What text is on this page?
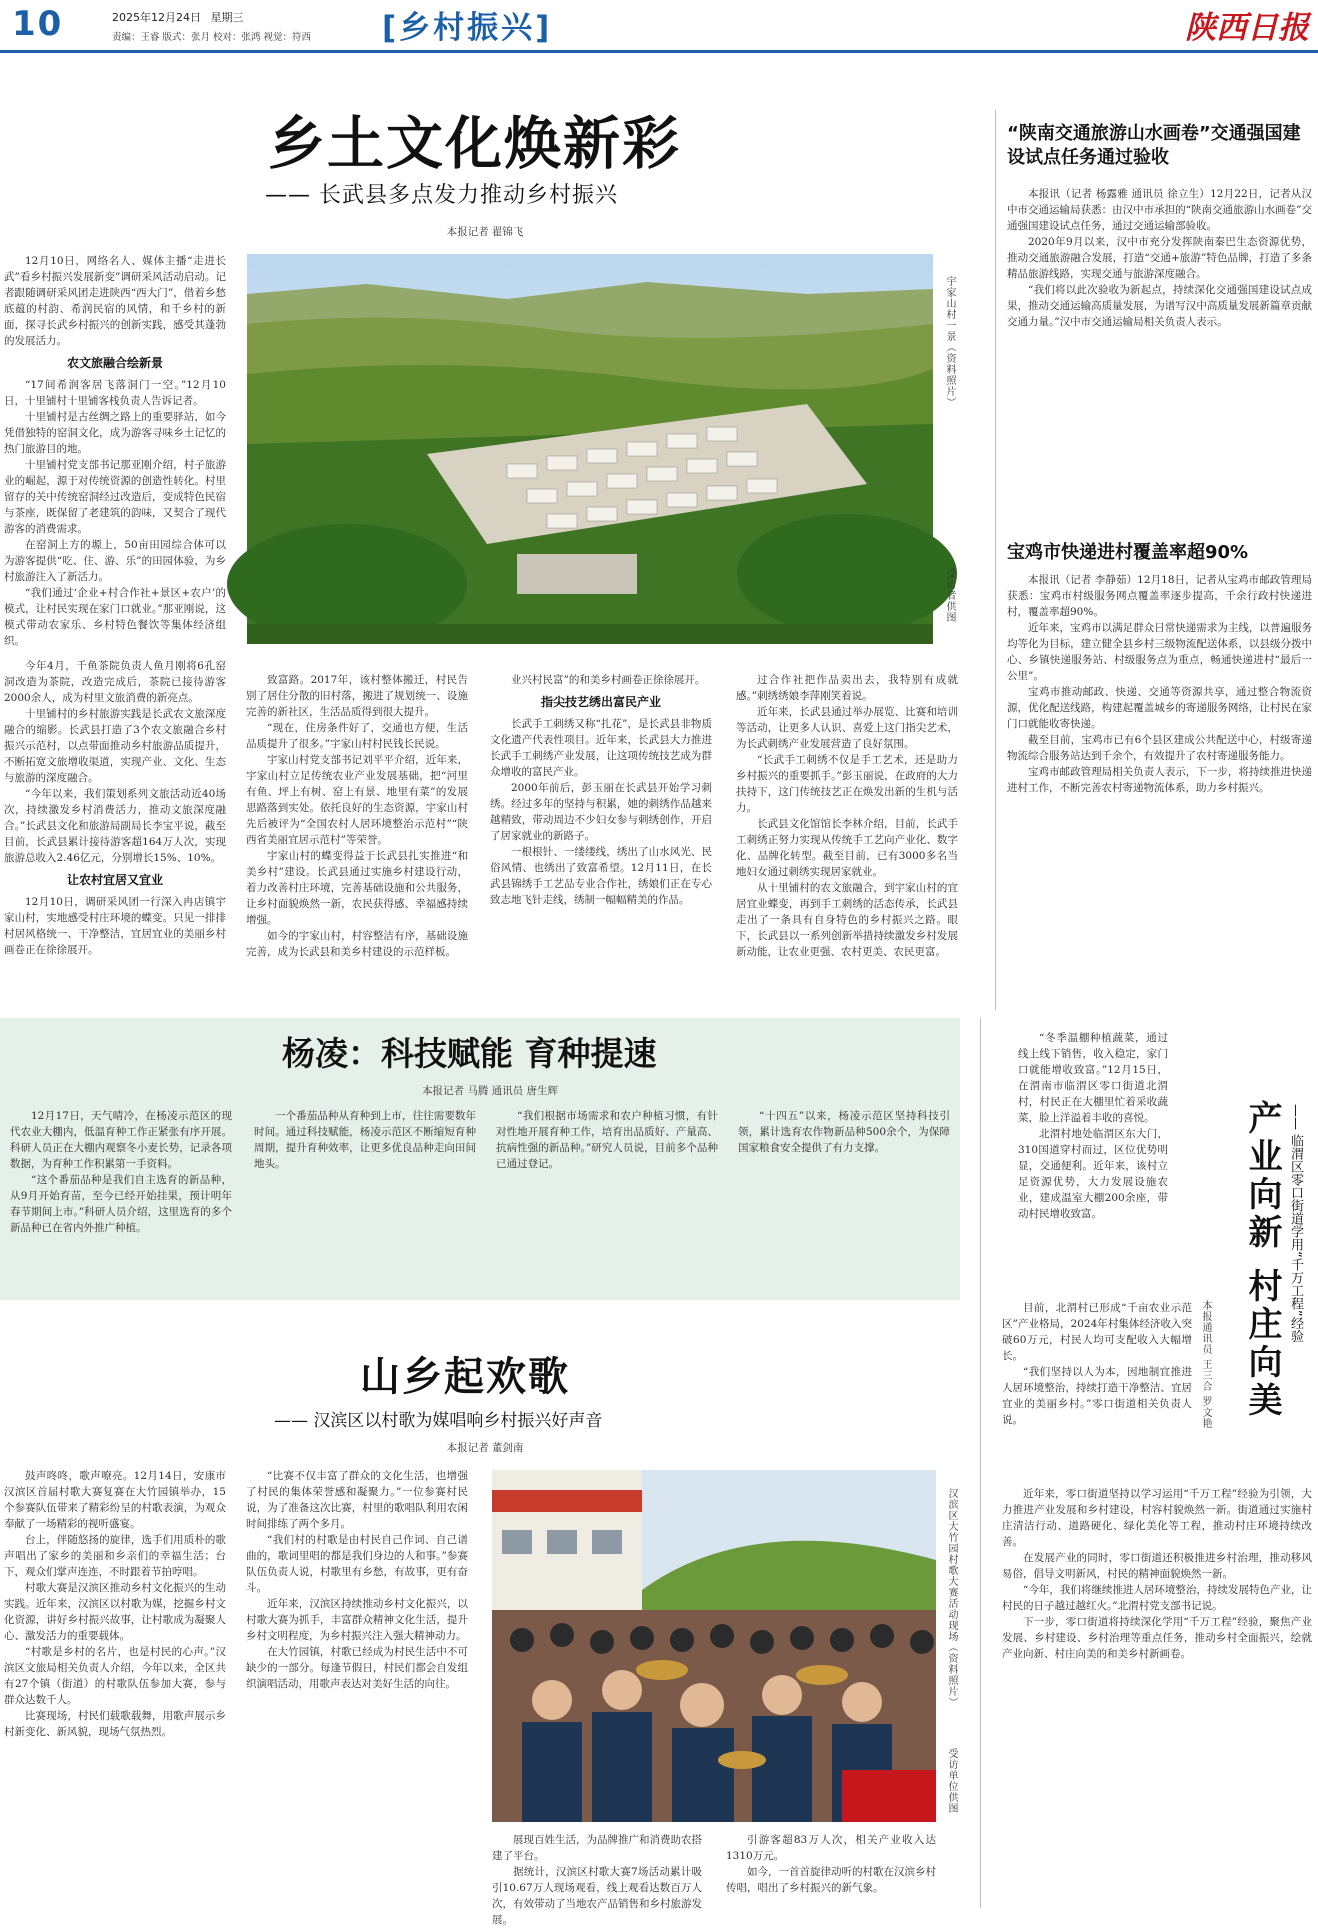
10	2025年12月24日 星期三
责编：王睿 版式：张月 校对：张鸿 视觉：符西 [乡村振兴]	陕西日报
乡土文化焕新彩
—— 长武县多点发力推动乡村振兴
本报记者 翟锦飞

12月10日，网络名人、媒体主播“走进长武”看乡村振兴发展新变”调研采风活动启动。记者跟随调研采风团走进陕西“西大门”，借着乡愁底蕴的村韵、希润民宿的风情，和千乡村的新面，探寻长武乡村振兴的创新实践，感受其蓬勃的发展活力。

农文旅融合绘新景

“17间希润客居飞落洞门一空。”12月10日，十里铺村十里铺客栈负责人告诉记者。

十里铺村是古丝绸之路上的重要驿站，如今凭借独特的窑洞文化，成为游客寻味乡土记忆的热门旅游目的地。

十里铺村党支部书记那亚刚介绍，村子旅游业的崛起，源于对传统资源的创造性转化。村里留存的关中传统窑洞经过改造后，变成特色民宿与茶座，既保留了老建筑的韵味，又契合了现代游客的消费需求。

在窑洞上方的塬上，50亩田园综合体可以为游客提供“吃、住、游、乐”的田园体验，为乡村旅游注入了新活力。

“我们通过‘企业+村合作社+景区+农户’的模式，让村民实现在家门口就业。”那亚刚说，这模式带动农家乐、乡村特色餐饮等集体经济组织。

宇家山村一景（资料照片）
受访者供图

今年4月，千鱼茶院负责人鱼月刚将6孔窑洞改造为茶院，改造完成后，茶院已接待游客2000余人，成为村里文旅消费的新亮点。

十里铺村的乡村旅游实践是长武农文旅深度融合的缩影。长武县打造了3个农文旅融合乡村振兴示范村，以点带面推动乡村旅游品质提升，不断拓宽文旅增收渠道，实现产业、文化、生态与旅游的深度融合。

“今年以来，我们策划系列文旅活动近40场次，持续激发乡村消费活力，推动文旅深度融合。”长武县文化和旅游局副局长李宝平说，截至目前，长武县累计接待游客超164万人次，实现旅游总收入2.46亿元，分别增长15%、10%。

让农村宜居又宜业

12月10日，调研采风团一行深入冉店镇宇家山村，实地感受村庄环境的蝶变。只见一排排村居风格统一、干净整洁，宜居宜业的美丽乡村画卷正在徐徐展开。

致富路。2017年，该村整体搬迁，村民告别了居住分散的旧村落，搬进了规划统一、设施完善的新社区，生活品质得到很大提升。

“现在，住房条件好了，交通也方便，生活品质提升了很多。”宇家山村村民钱长民说。

宇家山村党支部书记刘平平介绍，近年来，宇家山村立足传统农业产业发展基础，把“河里有鱼、坪上有树、窑上有景、地里有菜”的发展思路落到实处。依托良好的生态资源，宇家山村先后被评为“全国农村人居环境整治示范村”“陕西省美丽宜居示范村”等荣誉。

宇家山村的蝶变得益于长武县扎实推进“和美乡村”建设。长武县通过实施乡村建设行动，着力改善村庄环境，完善基础设施和公共服务，让乡村面貌焕然一新，农民获得感、幸福感持续增强。

如今的宇家山村，村容整洁有序，基础设施完善，成为长武县和美乡村建设的示范样板。

业兴村民富”的和美乡村画卷正徐徐展开。

指尖技艺绣出富民产业

长武手工刺绣又称“扎花”，是长武县非物质文化遗产代表性项目。近年来，长武县大力推进长武手工刺绣产业发展，让这项传统技艺成为群众增收的富民产业。

2000年前后，彭玉丽在长武县开始学习刺绣。经过多年的坚持与积累，她的刺绣作品越来越精致，带动周边不少妇女参与刺绣创作，开启了居家就业的新路子。

一根根针、一缕缕线，绣出了山水风光、民俗风情、也绣出了致富希望。12月11日，在长武县锦绣手工艺品专业合作社，绣娘们正在专心致志地飞针走线，绣制一幅幅精美的作品。

过合作社把作品卖出去，我特别有成就感。”刺绣绣娘李萍刚笑着说。

近年来，长武县通过举办展览、比赛和培训等活动，让更多人认识、喜爱上这门指尖艺术，为长武刺绣产业发展营造了良好氛围。

“长武手工刺绣不仅是手工艺术，还是助力乡村振兴的重要抓手。”彭玉丽说，在政府的大力扶持下，这门传统技艺正在焕发出新的生机与活力。

长武县文化馆馆长李林介绍，目前，长武手工刺绣正努力实现从传统手工艺向产业化、数字化、品牌化转型。截至目前，已有3000多名当地妇女通过刺绣实现居家就业。

从十里铺村的农文旅融合，到宇家山村的宜居宜业蝶变，再到手工刺绣的活态传承，长武县走出了一条具有自身特色的乡村振兴之路。眼下，长武县以一系列创新举措持续激发乡村发展新动能，让农业更强、农村更美、农民更富。

“陕南交通旅游山水画卷”交通强国建设试点任务通过验收

本报讯（记者 杨露雅 通讯员 徐立生）12月22日，记者从汉中市交通运输局获悉：由汉中市承担的“陕南交通旅游山水画卷”交通强国建设试点任务，通过交通运输部验收。

2020年9月以来，汉中市充分发挥陕南秦巴生态资源优势，推动交通旅游融合发展，打造“交通+旅游”特色品牌，打造了多条精品旅游线路，实现交通与旅游深度融合。

“我们将以此次验收为新起点，持续深化交通强国建设试点成果，推动交通运输高质量发展，为谱写汉中高质量发展新篇章贡献交通力量。”汉中市交通运输局相关负责人表示。

宝鸡市快递进村覆盖率超90%

本报讯（记者 李静茹）12月18日，记者从宝鸡市邮政管理局获悉：宝鸡市村级服务网点覆盖率逐步提高，千余行政村快递进村，覆盖率超90%。

近年来，宝鸡市以满足群众日常快递需求为主线，以普遍服务均等化为目标，建立健全县乡村三级物流配送体系，以县级分拨中心、乡镇快递服务站、村级服务点为重点，畅通快递进村“最后一公里”。

宝鸡市推动邮政、快递、交通等资源共享，通过整合物流资源，优化配送线路，构建起覆盖城乡的寄递服务网络，让村民在家门口就能收寄快递。

截至目前，宝鸡市已有6个县区建成公共配送中心，村级寄递物流综合服务站达到千余个，有效提升了农村寄递服务能力。

宝鸡市邮政管理局相关负责人表示，下一步，将持续推进快递进村工作，不断完善农村寄递物流体系，助力乡村振兴。

杨凌：科技赋能 育种提速
本报记者 马腾 通讯员 唐生辉

12月17日，天气晴冷，在杨凌示范区的现代农业大棚内，低温育种工作正紧张有序开展。科研人员正在大棚内观察冬小麦长势，记录各项数据，为育种工作积累第一手资料。

“这个番茄品种是我们自主选育的新品种，从9月开始育苗，至今已经开始挂果，预计明年春节期间上市。”科研人员介绍，这里选育的多个新品种已在省内外推广种植。

一个番茄品种从育种到上市，往往需要数年时间。通过科技赋能，杨凌示范区不断缩短育种周期，提升育种效率，让更多优良品种走向田间地头。

“我们根据市场需求和农户种植习惯，有针对性地开展育种工作，培育出品质好、产量高、抗病性强的新品种。”研究人员说，目前多个品种已通过登记。

“十四五”以来，杨凌示范区坚持科技引领，累计选育农作物新品种500余个，为保障国家粮食安全提供了有力支撑。

山乡起欢歌
—— 汉滨区以村歌为媒唱响乡村振兴好声音
本报记者 董剑南

鼓声咚咚，歌声嘹亮。12月14日，安康市汉滨区首届村歌大赛复赛在大竹园镇举办，15个参赛队伍带来了精彩纷呈的村歌表演，为观众奉献了一场精彩的视听盛宴。

台上，伴随悠扬的旋律，选手们用质朴的歌声唱出了家乡的美丽和乡亲们的幸福生活；台下，观众们掌声连连，不时跟着节拍哼唱。

村歌大赛是汉滨区推动乡村文化振兴的生动实践。近年来，汉滨区以村歌为媒，挖掘乡村文化资源，讲好乡村振兴故事，让村歌成为凝聚人心、激发活力的重要载体。

“村歌是乡村的名片，也是村民的心声。”汉滨区文旅局相关负责人介绍，今年以来，全区共有27个镇（街道）的村歌队伍参加大赛，参与群众达数千人。

比赛现场，村民们载歌载舞，用歌声展示乡村新变化、新风貌，现场气氛热烈。

“比赛不仅丰富了群众的文化生活，也增强了村民的集体荣誉感和凝聚力。”一位参赛村民说，为了准备这次比赛，村里的歌唱队利用农闲时间排练了两个多月。

“我们村的村歌是由村民自己作词、自己谱曲的，歌词里唱的都是我们身边的人和事。”参赛队伍负责人说，村歌里有乡愁，有故事，更有奋斗。

近年来，汉滨区持续推动乡村文化振兴，以村歌大赛为抓手，丰富群众精神文化生活，提升乡村文明程度，为乡村振兴注入强大精神动力。

在大竹园镇，村歌已经成为村民生活中不可缺少的一部分。每逢节假日，村民们都会自发组织演唱活动，用歌声表达对美好生活的向往。	汉滨区大竹园村歌大赛活动现场（资料照片）
受访单位供图

展现百姓生活，为品牌推广和消费助农搭建了平台。

据统计，汉滨区村歌大赛7场活动累计吸引10.67万人现场观看，线上观看达数百万人次，有效带动了当地农产品销售和乡村旅游发展。

引游客超83万人次，相关产业收入达1310万元。

如今，一首首旋律动听的村歌在汉滨乡村传唱，唱出了乡村振兴的新气象。

“冬季温棚种植蔬菜，通过线上线下销售，收入稳定，家门口就能增收致富。”12月15日，在渭南市临渭区零口街道北渭村，村民正在大棚里忙着采收蔬菜，脸上洋溢着丰收的喜悦。

北渭村地处临渭区东大门，310国道穿村而过，区位优势明显，交通便利。近年来，该村立足资源优势，大力发展设施农业，建成温室大棚200余座，带动村民增收致富。	产业向新 村庄向美 —— 临渭区零口街道学用“千万工程”经验
本报通讯员 王三合 罗文艳

目前，北渭村已形成“千亩农业示范区”产业格局，2024年村集体经济收入突破60万元，村民人均可支配收入大幅增长。

“我们坚持以人为本，因地制宜推进人居环境整治，持续打造干净整洁、宜居宜业的美丽乡村。”零口街道相关负责人说。

近年来，零口街道坚持以学习运用“千万工程”经验为引领，大力推进产业发展和乡村建设，村容村貌焕然一新。街道通过实施村庄清洁行动、道路硬化、绿化美化等工程，推动村庄环境持续改善。

在发展产业的同时，零口街道还积极推进乡村治理，推动移风易俗，倡导文明新风，村民的精神面貌焕然一新。

“今年，我们将继续推进人居环境整治，持续发展特色产业，让村民的日子越过越红火。”北渭村党支部书记说。

下一步，零口街道将持续深化学用“千万工程”经验，聚焦产业发展、乡村建设、乡村治理等重点任务，推动乡村全面振兴，绘就产业向新、村庄向美的和美乡村新画卷。
